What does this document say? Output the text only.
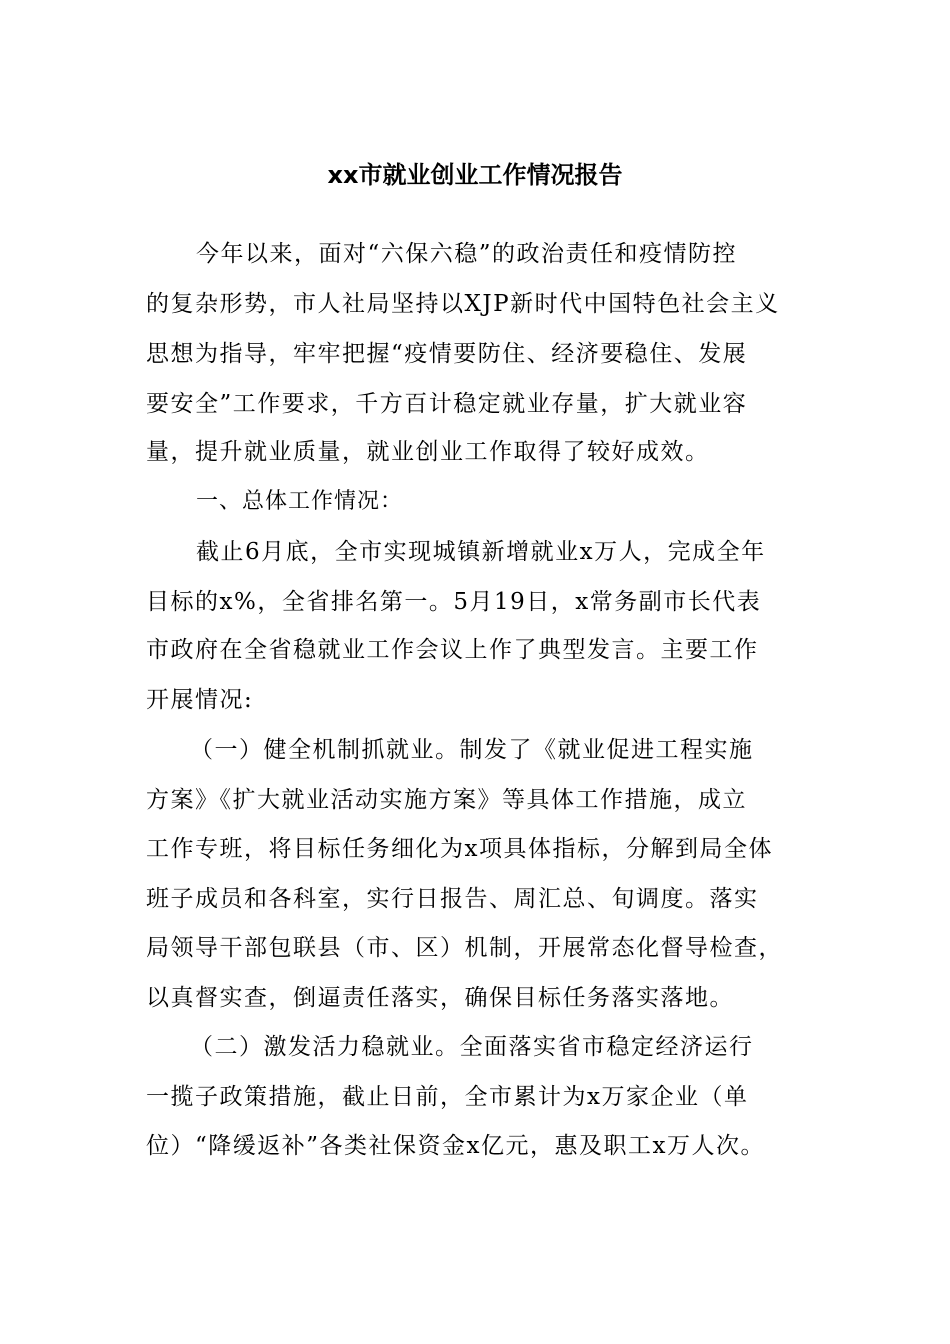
xx市就业创业工作情况报告
今年以来，面对“六保六稳”的政治责任和疫情防控
的复杂形势，市人社局坚持以XJP新时代中国特色社会主义
思想为指导，牢牢把握“疫情要防住、经济要稳住、发展
要安全”工作要求，千方百计稳定就业存量，扩大就业容
量，提升就业质量，就业创业工作取得了较好成效。
一、总体工作情况：
截止6月底，全市实现城镇新增就业x万人，完成全年
目标的x%，全省排名第一。5月19日，x常务副市长代表
市政府在全省稳就业工作会议上作了典型发言。主要工作
开展情况:
（一）健全机制抓就业。制发了《就业促进工程实施
方案》《扩大就业活动实施方案》等具体工作措施，成立
工作专班，将目标任务细化为x项具体指标，分解到局全体
班子成员和各科室，实行日报告、周汇总、旬调度。落实
局领导干部包联县（市、区）机制，开展常态化督导检查，
以真督实查，倒逼责任落实，确保目标任务落实落地。
（二）激发活力稳就业。全面落实省市稳定经济运行
一揽子政策措施，截止日前，全市累计为x万家企业（单
位）“降缓返补”各类社保资金x亿元，惠及职工x万人次。
